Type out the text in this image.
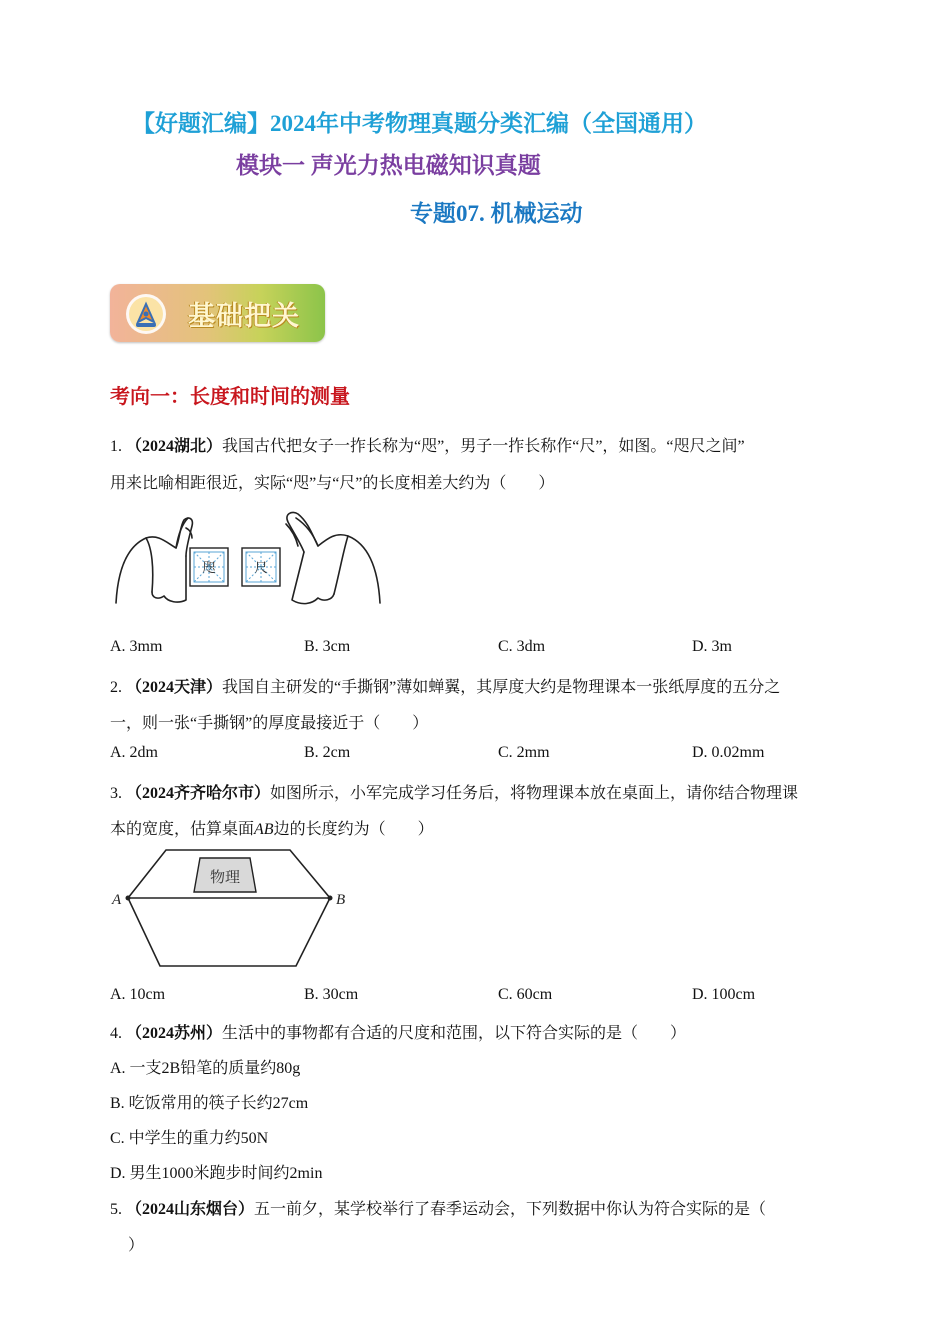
【好题汇编】2024年中考物理真题分类汇编（全国通用）
模块一 声光力热电磁知识真题
专题07. 机械运动
基础把关
考向一：长度和时间的测量
1. （2024湖北）我国古代把女子一拃长称为“咫”，男子一拃长称作“尺”，如图。“咫尺之间”
用来比喻相距很近，实际“咫”与“尺”的长度相差大约为（　　）
咫	尺
A. 3mm	B. 3cm	C. 3dm	D. 3m
2. （2024天津）我国自主研发的“手撕钢”薄如蝉翼，其厚度大约是物理课本一张纸厚度的五分之
一，则一张“手撕钢”的厚度最接近于（　　）
A. 2dm	B. 2cm	C. 2mm	D. 0.02mm
3. （2024齐齐哈尔市）如图所示，小军完成学习任务后，将物理课本放在桌面上，请你结合物理课
本的宽度，估算桌面AB边的长度约为（　　）
物理
A	B
A. 10cm	B. 30cm	C. 60cm	D. 100cm
4. （2024苏州）生活中的事物都有合适的尺度和范围，以下符合实际的是（　　）
A. 一支2B铅笔的质量约80g
B. 吃饭常用的筷子长约27cm
C. 中学生的重力约50N
D. 男生1000米跑步时间约2min
5. （2024山东烟台）五一前夕，某学校举行了春季运动会，下列数据中你认为符合实际的是（
）
